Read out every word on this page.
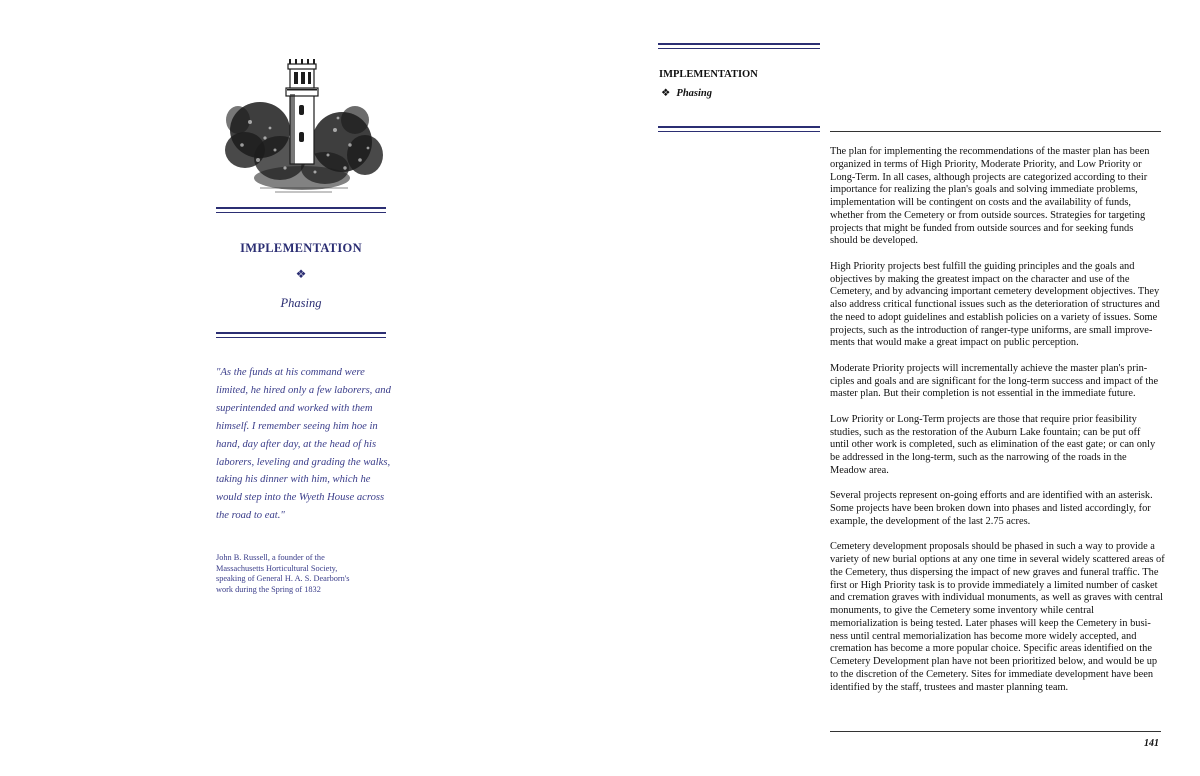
IMPLEMENTATION
❖
Phasing
"As the funds at his command were
limited, he hired only a few laborers, and
superintended and worked with them
himself. I remember seeing him hoe in
hand, day after day, at the head of his
laborers, leveling and grading the walks,
taking his dinner with him, which he
would step into the Wyeth House across
the road to eat."
John B. Russell, a founder of the
Massachusetts Horticultural Society,
speaking of General H. A. S. Dearborn's
work during the Spring of 1832
IMPLEMENTATION
❖ Phasing

The plan for implementing the recommendations of the master plan has been
organized in terms of High Priority, Moderate Priority, and Low Priority or
Long-Term. In all cases, although projects are categorized according to their
importance for realizing the plan's goals and solving immediate problems,
implementation will be contingent on costs and the availability of funds,
whether from the Cemetery or from outside sources. Strategies for targeting
projects that might be funded from outside sources and for seeking funds
should be developed.

High Priority projects best fulfill the guiding principles and the goals and
objectives by making the greatest impact on the character and use of the
Cemetery, and by advancing important cemetery development objectives. They
also address critical functional issues such as the deterioration of structures and
the need to adopt guidelines and establish policies on a variety of issues. Some
projects, such as the introduction of ranger-type uniforms, are small improve-
ments that would make a great impact on public perception.

Moderate Priority projects will incrementally achieve the master plan's prin-
ciples and goals and are significant for the long-term success and impact of the
master plan. But their completion is not essential in the immediate future.

Low Priority or Long-Term projects are those that require prior feasibility
studies, such as the restoration of the Auburn Lake fountain; can be put off
until other work is completed, such as elimination of the east gate; or can only
be addressed in the long-term, such as the narrowing of the roads in the
Meadow area.

Several projects represent on-going efforts and are identified with an asterisk.
Some projects have been broken down into phases and listed accordingly, for
example, the development of the last 2.75 acres.

Cemetery development proposals should be phased in such a way to provide a
variety of new burial options at any one time in several widely scattered areas of
the Cemetery, thus dispersing the impact of new graves and funeral traffic. The
first or High Priority task is to provide immediately a limited number of casket
and cremation graves with individual monuments, as well as graves with central
monuments, to give the Cemetery some inventory while central
memorialization is being tested. Later phases will keep the Cemetery in busi-
ness until central memorialization has become more widely accepted, and
cremation has become a more popular choice. Specific areas identified on the
Cemetery Development plan have not been prioritized below, and would be up
to the discretion of the Cemetery. Sites for immediate development have been
identified by the staff, trustees and master planning team.

141
